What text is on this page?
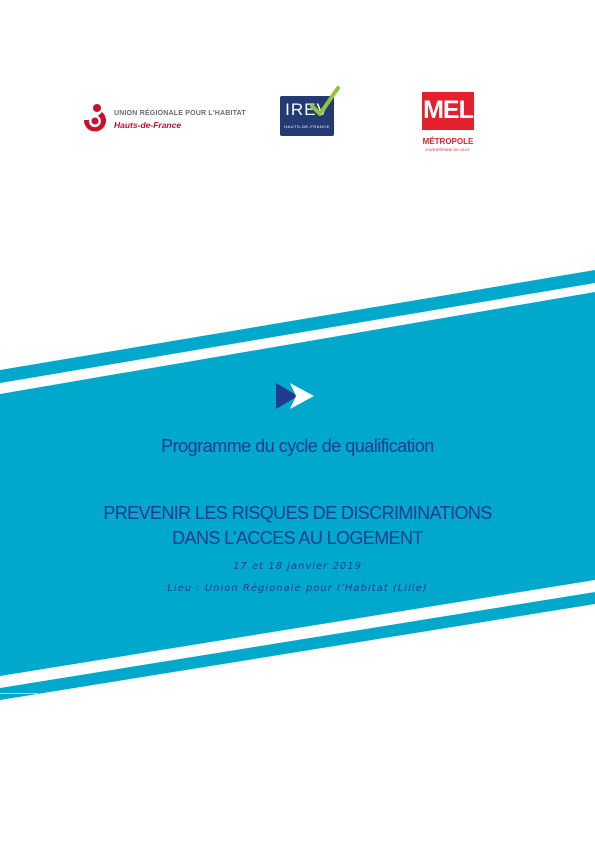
UNION RÉGIONALE POUR L'HABITAT
Hauts-de-France
IREV
HAUTS-DE-FRANCE
MEL
MÉTROPOLE
EUROPÉENNE DE LILLE
Programme du cycle de qualification
PREVENIR LES RISQUES DE DISCRIMINATIONS
DANS L’ACCES AU LOGEMENT
17 et 18 janvier 2019
Lieu : Union Régionale pour l’Habitat (Lille)
